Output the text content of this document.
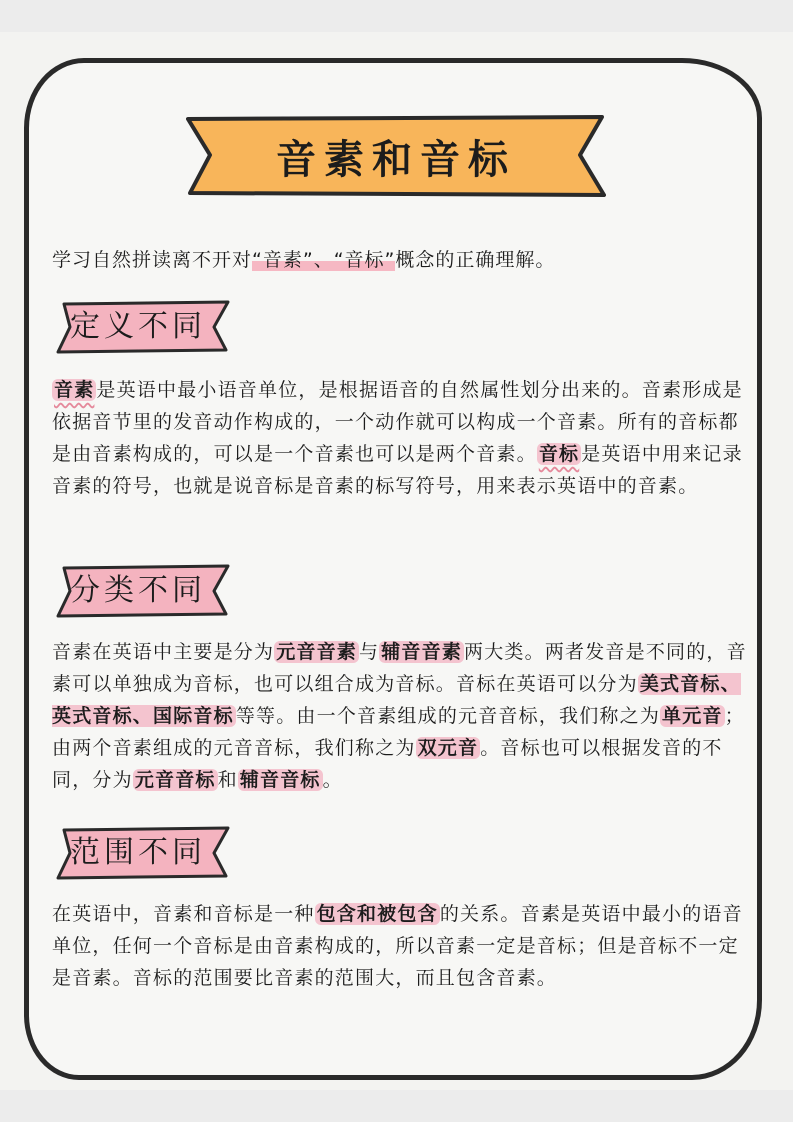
音素和音标
学习自然拼读离不开对“音素”、“音标”概念的正确理解。
定义不同
音素 是英语中最小语音单位，是根据语音的自然属性划分出来的。音素形成是依据音节里的发音动作构成的，一个动作就可以构成一个音素。所有的音标都是由音素构成的，可以是一个音素也可以是两个音素。 音标 是英语中用来记录音素的符号，也就是说音标是音素的标写符号，用来表示英语中的音素。
分类不同
音素在英语中主要是分为 元音音素 与 辅音音素 两大类。两者发音是不同的，音素可以单独成为音标，也可以组合成为音标。音标在英语可以分为 美式音标、英式音标、国际音标 等等。由一个音素组成的元音音标，我们称之为 单元音 ；由两个音素组成的元音音标，我们称之为 双元音 。音标也可以根据发音的不同，分为 元音音标 和 辅音音标 。
范围不同
在英语中，音素和音标是一种 包含和被包含 的关系。音素是英语中最小的语音单位，任何一个音标是由音素构成的，所以音素一定是音标；但是音标不一定是音素。音标的范围要比音素的范围大，而且包含音素。
